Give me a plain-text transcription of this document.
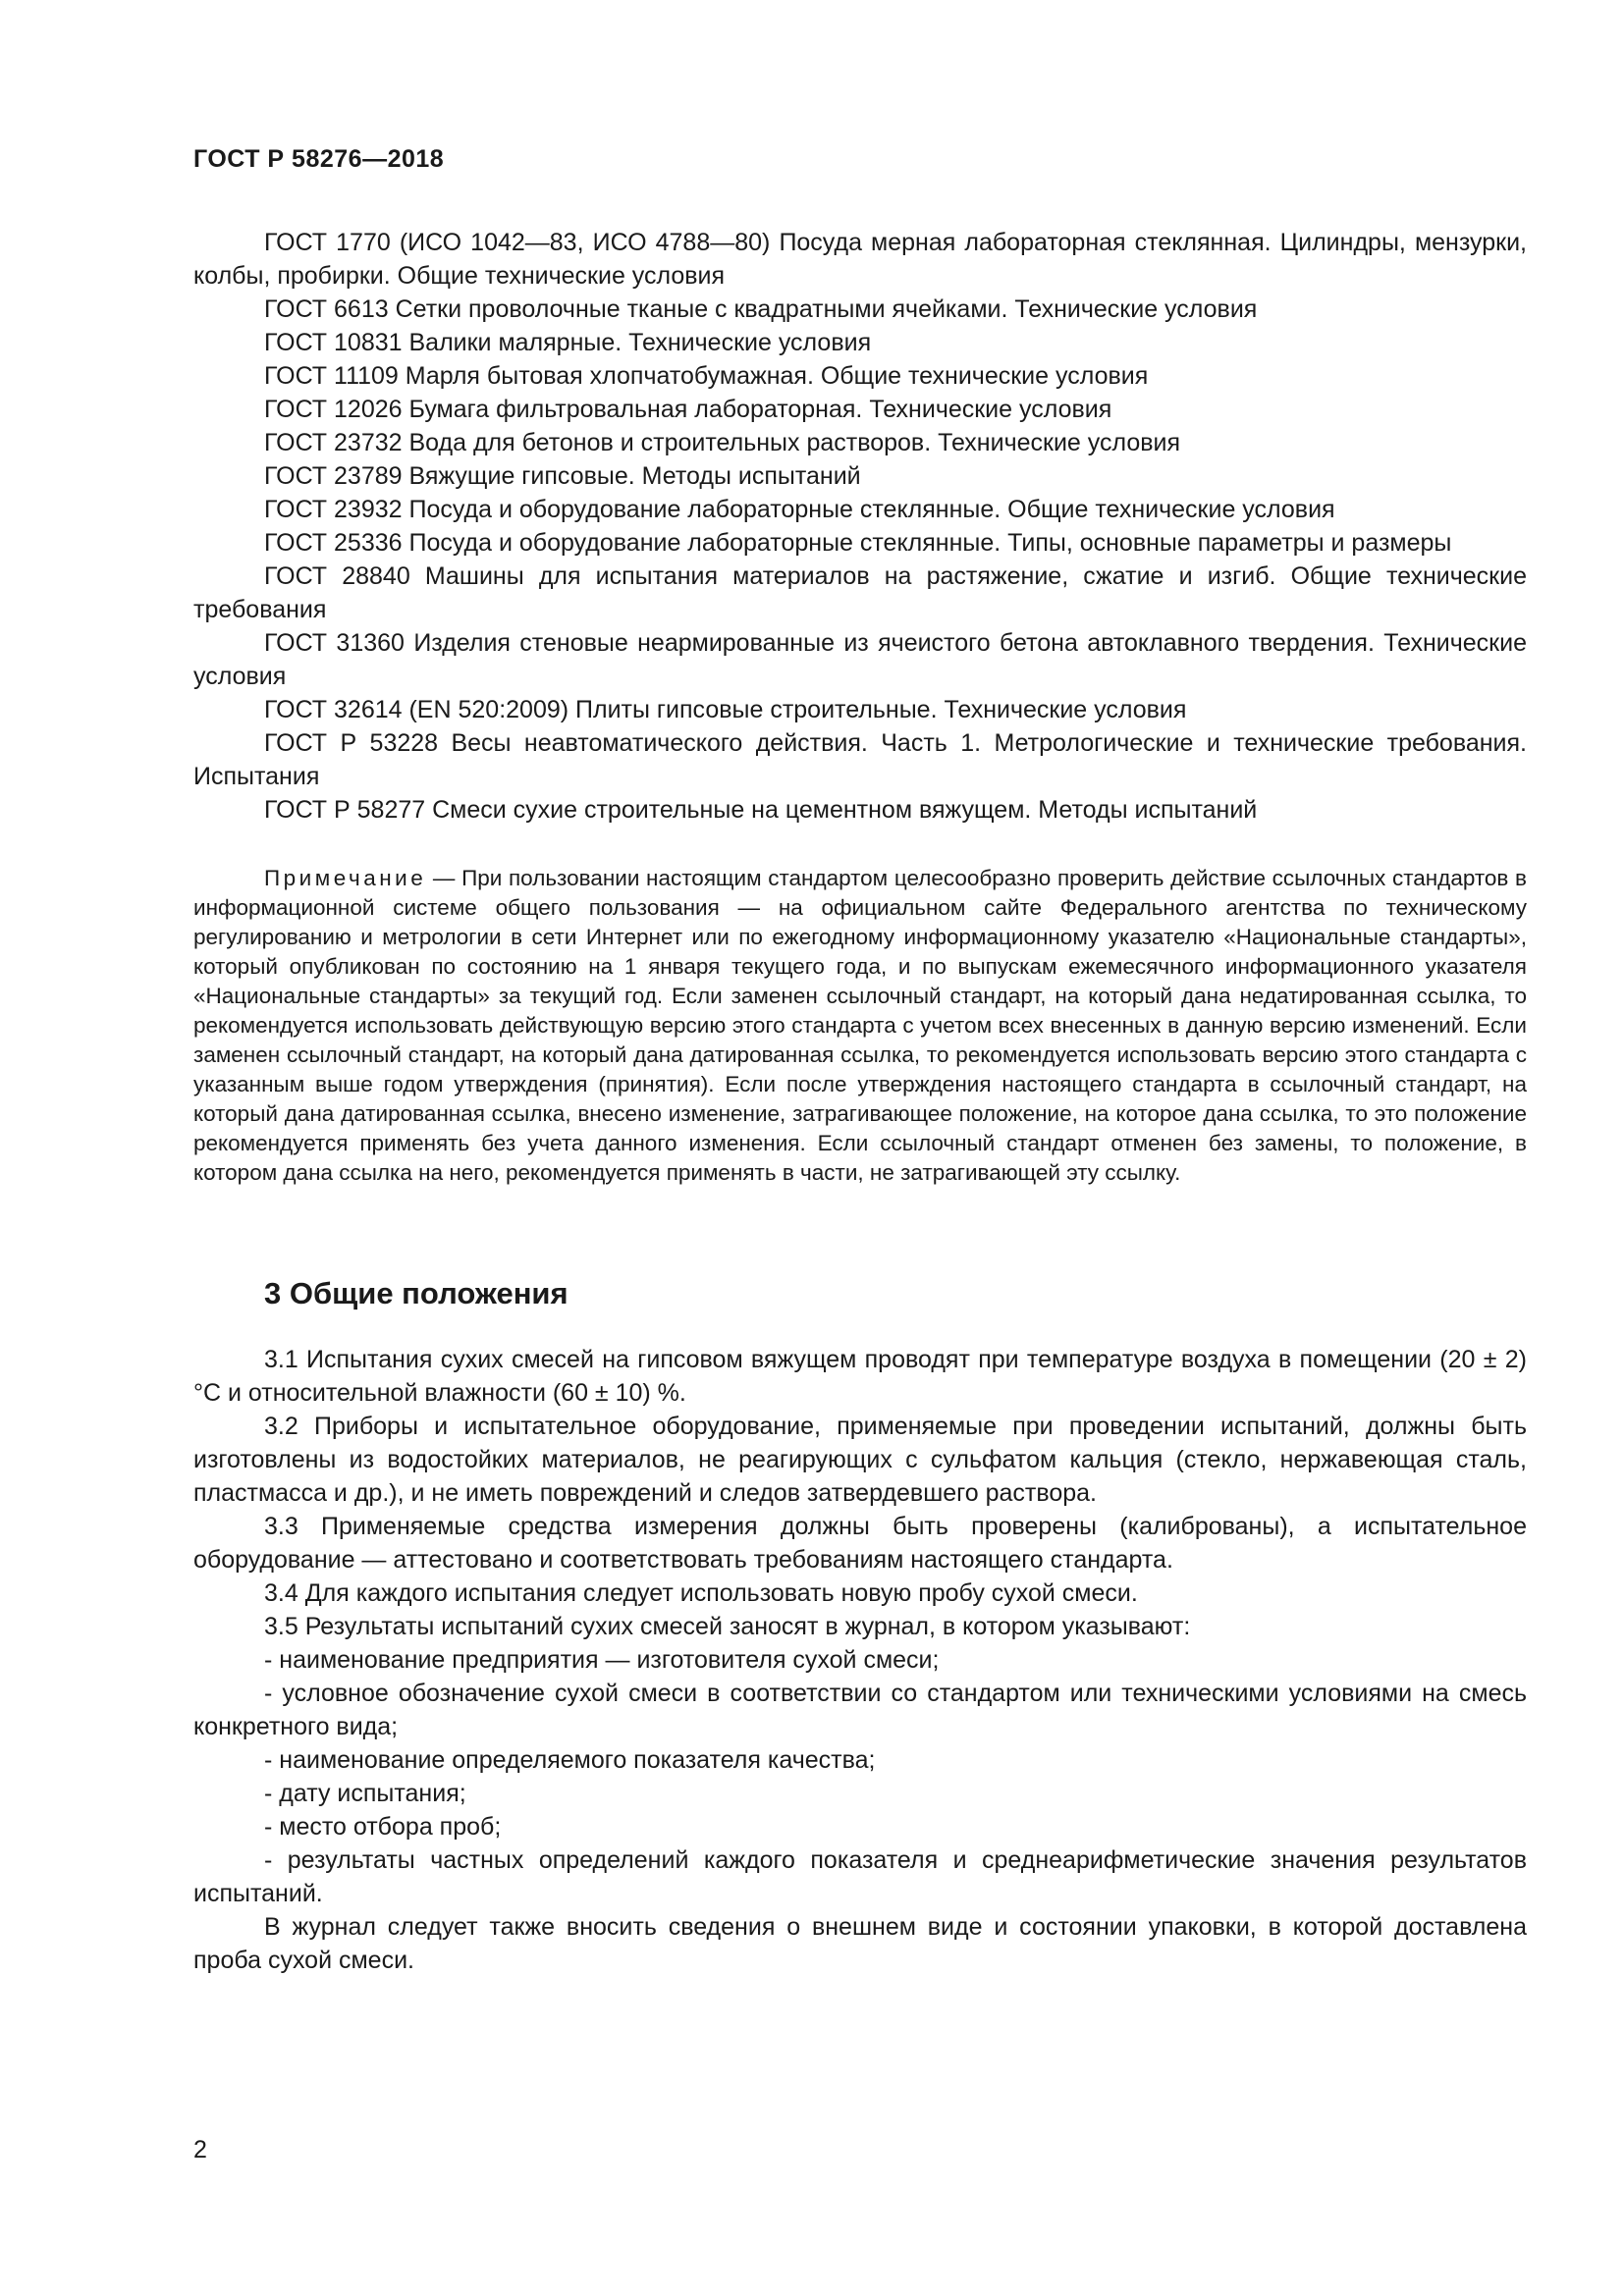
ГОСТ Р 58276—2018

ГОСТ 1770 (ИСО 1042—83, ИСО 4788—80) Посуда мерная лабораторная стеклянная. Цилиндры, мензурки, колбы, пробирки. Общие технические условия

ГОСТ 6613 Сетки проволочные тканые с квадратными ячейками. Технические условия

ГОСТ 10831 Валики малярные. Технические условия

ГОСТ 11109 Марля бытовая хлопчатобумажная. Общие технические условия

ГОСТ 12026 Бумага фильтровальная лабораторная. Технические условия

ГОСТ 23732 Вода для бетонов и строительных растворов. Технические условия

ГОСТ 23789 Вяжущие гипсовые. Методы испытаний

ГОСТ 23932 Посуда и оборудование лабораторные стеклянные. Общие технические условия

ГОСТ 25336 Посуда и оборудование лабораторные стеклянные. Типы, основные параметры и размеры

ГОСТ 28840 Машины для испытания материалов на растяжение, сжатие и изгиб. Общие технические требования

ГОСТ 31360 Изделия стеновые неармированные из ячеистого бетона автоклавного твердения. Технические условия

ГОСТ 32614 (EN 520:2009) Плиты гипсовые строительные. Технические условия

ГОСТ Р 53228 Весы неавтоматического действия. Часть 1. Метрологические и технические требования. Испытания

ГОСТ Р 58277 Смеси сухие строительные на цементном вяжущем. Методы испытаний

Примечание — При пользовании настоящим стандартом целесообразно проверить действие ссылочных стандартов в информационной системе общего пользования — на официальном сайте Федерального агентства по техническому регулированию и метрологии в сети Интернет или по ежегодному информационному указателю «Национальные стандарты», который опубликован по состоянию на 1 января текущего года, и по выпускам ежемесячного информационного указателя «Национальные стандарты» за текущий год. Если заменен ссылочный стандарт, на который дана недатированная ссылка, то рекомендуется использовать действующую версию этого стандарта с учетом всех внесенных в данную версию изменений. Если заменен ссылочный стандарт, на который дана датированная ссылка, то рекомендуется использовать версию этого стандарта с указанным выше годом утверждения (принятия). Если после утверждения настоящего стандарта в ссылочный стандарт, на который дана датированная ссылка, внесено изменение, затрагивающее положение, на которое дана ссылка, то это положение рекомендуется применять без учета данного изменения. Если ссылочный стандарт отменен без замены, то положение, в котором дана ссылка на него, рекомендуется применять в части, не затрагивающей эту ссылку.

3 Общие положения

3.1 Испытания сухих смесей на гипсовом вяжущем проводят при температуре воздуха в помещении (20 ± 2) °С и относительной влажности (60 ± 10) %.

3.2 Приборы и испытательное оборудование, применяемые при проведении испытаний, должны быть изготовлены из водостойких материалов, не реагирующих с сульфатом кальция (стекло, нержавеющая сталь, пластмасса и др.), и не иметь повреждений и следов затвердевшего раствора.

3.3 Применяемые средства измерения должны быть проверены (калиброваны), а испытательное оборудование — аттестовано и соответствовать требованиям настоящего стандарта.

3.4 Для каждого испытания следует использовать новую пробу сухой смеси.

3.5 Результаты испытаний сухих смесей заносят в журнал, в котором указывают:

- наименование предприятия — изготовителя сухой смеси;

- условное обозначение сухой смеси в соответствии со стандартом или техническими условиями на смесь конкретного вида;

- наименование определяемого показателя качества;

- дату испытания;

- место отбора проб;

- результаты частных определений каждого показателя и среднеарифметические значения результатов испытаний.

В журнал следует также вносить сведения о внешнем виде и состоянии упаковки, в которой доставлена проба сухой смеси.

2
